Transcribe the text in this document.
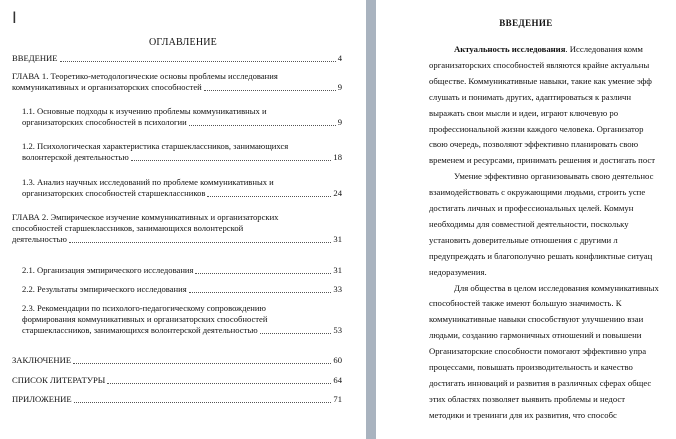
I
ОГЛАВЛЕНИЕ
ВВЕДЕНИЕ	4
ГЛАВА 1. Теоретико-методологические основы проблемы исследования
коммуникативных и организаторских способностей	9
1.1. Основные подходы к изучению проблемы коммуникативных и
организаторских способностей в психологии	9
1.2. Психологическая характеристика старшеклассников, занимающихся
волонтерской деятельностью	18
1.3. Анализ научных исследований по проблеме коммуникативных и
организаторских способностей старшеклассников	24
ГЛАВА 2. Эмпирическое изучение коммуникативных и организаторских
способностей старшеклассников, занимающихся волонтерской
деятельностью	31
2.1. Организация эмпирического исследования	31
2.2. Результаты эмпирического исследования	33
2.3. Рекомендации по психолого-педагогическому сопровождению
формирования коммуникативных и организаторских способностей
старшеклассников, занимающихся волонтерской деятельностью	53
ЗАКЛЮЧЕНИЕ	60
СПИСОК ЛИТЕРАТУРЫ	64
ПРИЛОЖЕНИЕ	71
ВВЕДЕНИЕ
Актуальность исследования. Исследования комм
организаторских способностей являются крайне актуальны
обществе. Коммуникативные навыки, такие как умение эфф
слушать и понимать других, адаптироваться к различн
выражать свои мысли и идеи, играют ключевую ро
профессиональной жизни каждого человека. Организатор
свою очередь, позволяют эффективно планировать свою
временем и ресурсами, принимать решения и достигать пост
Умение эффективно организовывать свою деятельнос
взаимодействовать с окружающими людьми, строить успе
достигать личных и профессиональных целей. Коммун
необходимы для совместной деятельности, поскольку
установить доверительные отношения с другими л
предупреждать и благополучно решать конфликтные ситуац
недоразумения.
Для общества в целом исследования коммуникативных
способностей также имеют большую значимость. К
коммуникативные навыки способствуют улучшению взаи
людьми, созданию гармоничных отношений и повышени
Организаторские способности помогают эффективно упра
процессами, повышать производительность и качество
достигать инноваций и развития в различных сферах общес
этих областях позволяет выявить проблемы и недост
методики и тренинги для их развития, что способс
